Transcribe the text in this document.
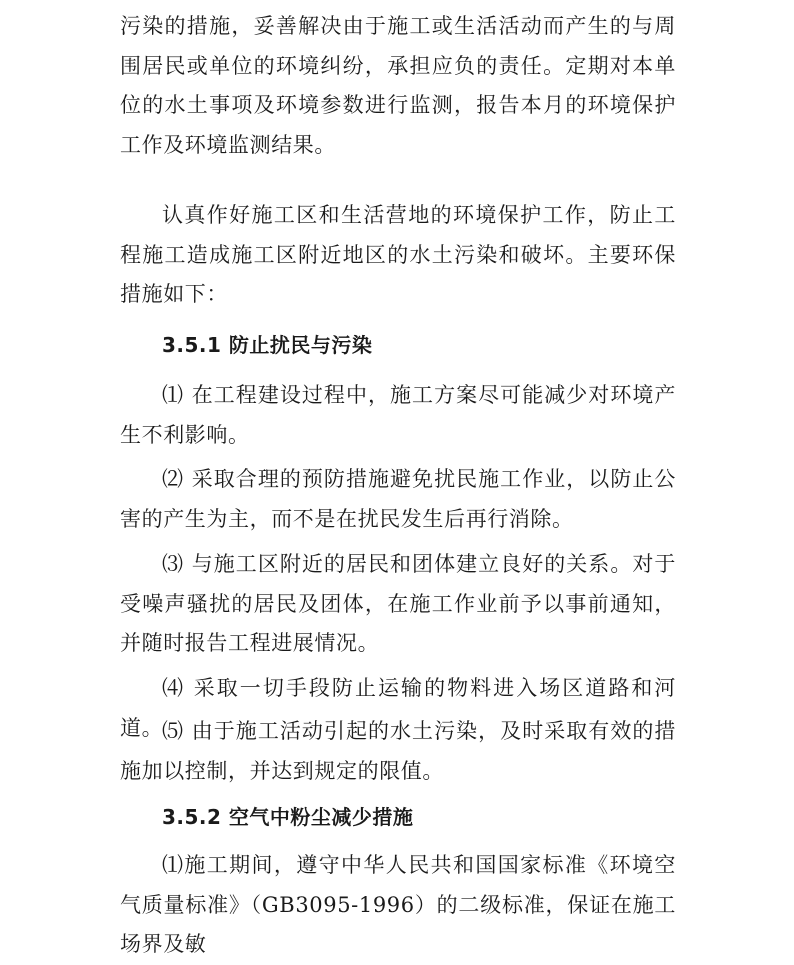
污染的措施，妥善解决由于施工或生活活动而产生的与周围居民或单位的环境纠纷，承担应负的责任。定期对本单位的水土事项及环境参数进行监测，报告本月的环境保护工作及环境监测结果。

认真作好施工区和生活营地的环境保护工作，防止工程施工造成施工区附近地区的水土污染和破坏。主要环保措施如下：

3.5.1 防止扰民与污染

⑴ 在工程建设过程中，施工方案尽可能减少对环境产生不利影响。

⑵ 采取合理的预防措施避免扰民施工作业，以防止公害的产生为主，而不是在扰民发生后再行消除。

⑶ 与施工区附近的居民和团体建立良好的关系。对于受噪声骚扰的居民及团体，在施工作业前予以事前通知，并随时报告工程进展情况。

⑷ 采取一切手段防止运输的物料进入场区道路和河道。

⑸ 由于施工活动引起的水土污染，及时采取有效的措施加以控制，并达到规定的限值。

3.5.2 空气中粉尘减少措施

⑴施工期间，遵守中华人民共和国国家标准《环境空气质量标准》（GB3095-1996）的二级标准，保证在施工场界及敏
